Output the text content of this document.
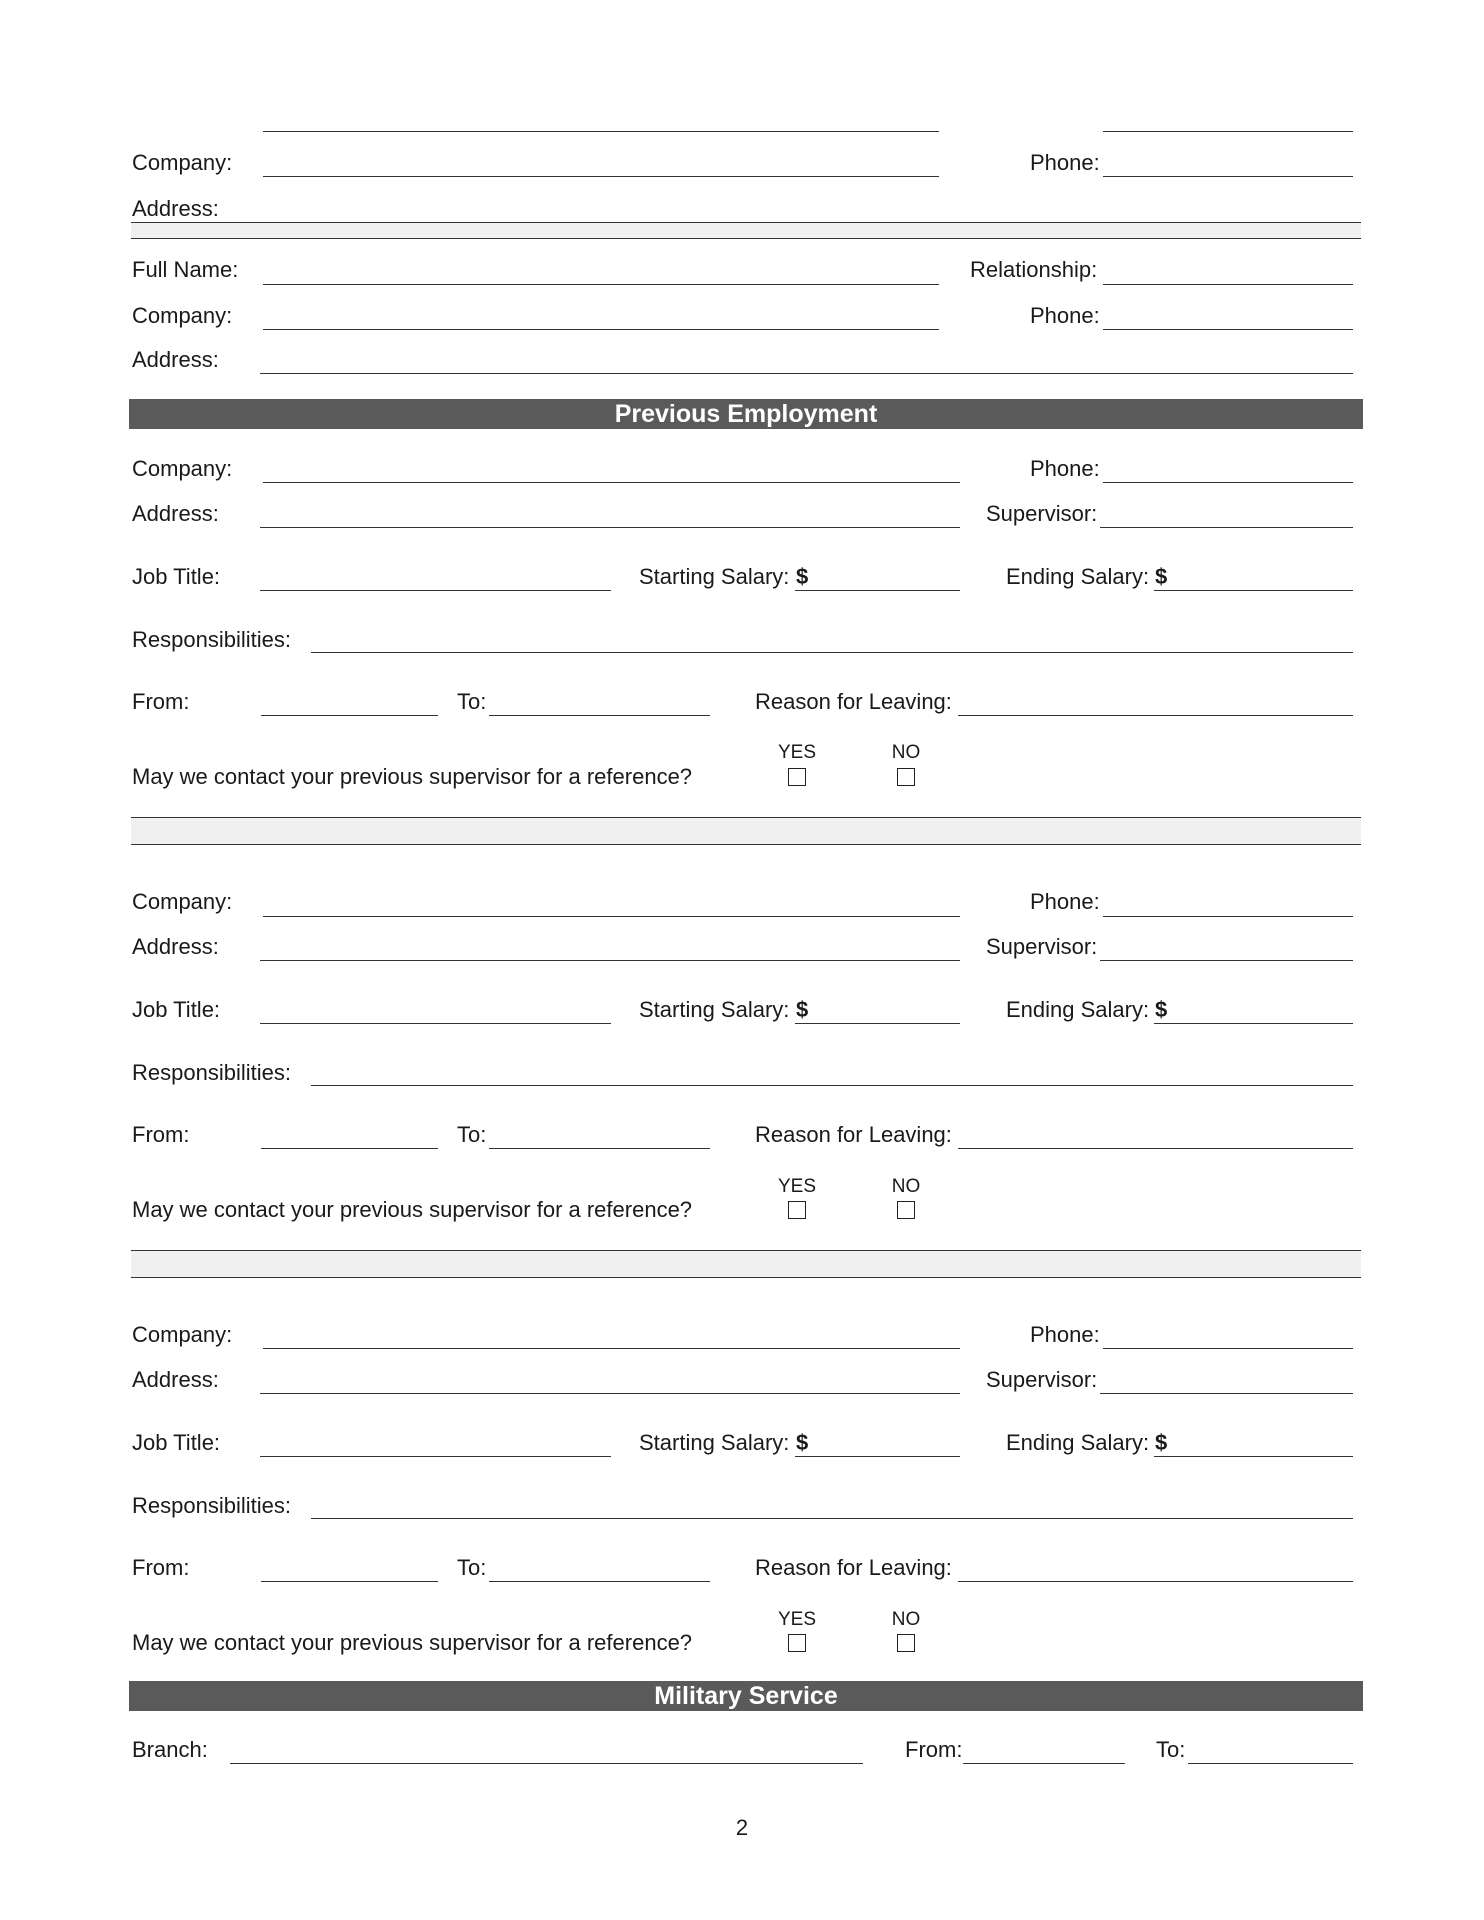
Company:	Phone:
Address:
Full Name:	Relationship:
Company:	Phone:
Address:
Previous Employment
Company:	Phone:
Address:	Supervisor:
Job Title:	Starting Salary: $	Ending Salary: $
Responsibilities:
From:	To:	Reason for Leaving:
YES	NO
May we contact your previous supervisor for a reference?
Company:	Phone:
Address:	Supervisor:
Job Title:	Starting Salary: $	Ending Salary: $
Responsibilities:
From:	To:	Reason for Leaving:
YES	NO
May we contact your previous supervisor for a reference?
Company:	Phone:
Address:	Supervisor:
Job Title:	Starting Salary: $	Ending Salary: $
Responsibilities:
From:	To:	Reason for Leaving:
YES	NO
May we contact your previous supervisor for a reference?
Military Service
Branch:	From:	To:
2
